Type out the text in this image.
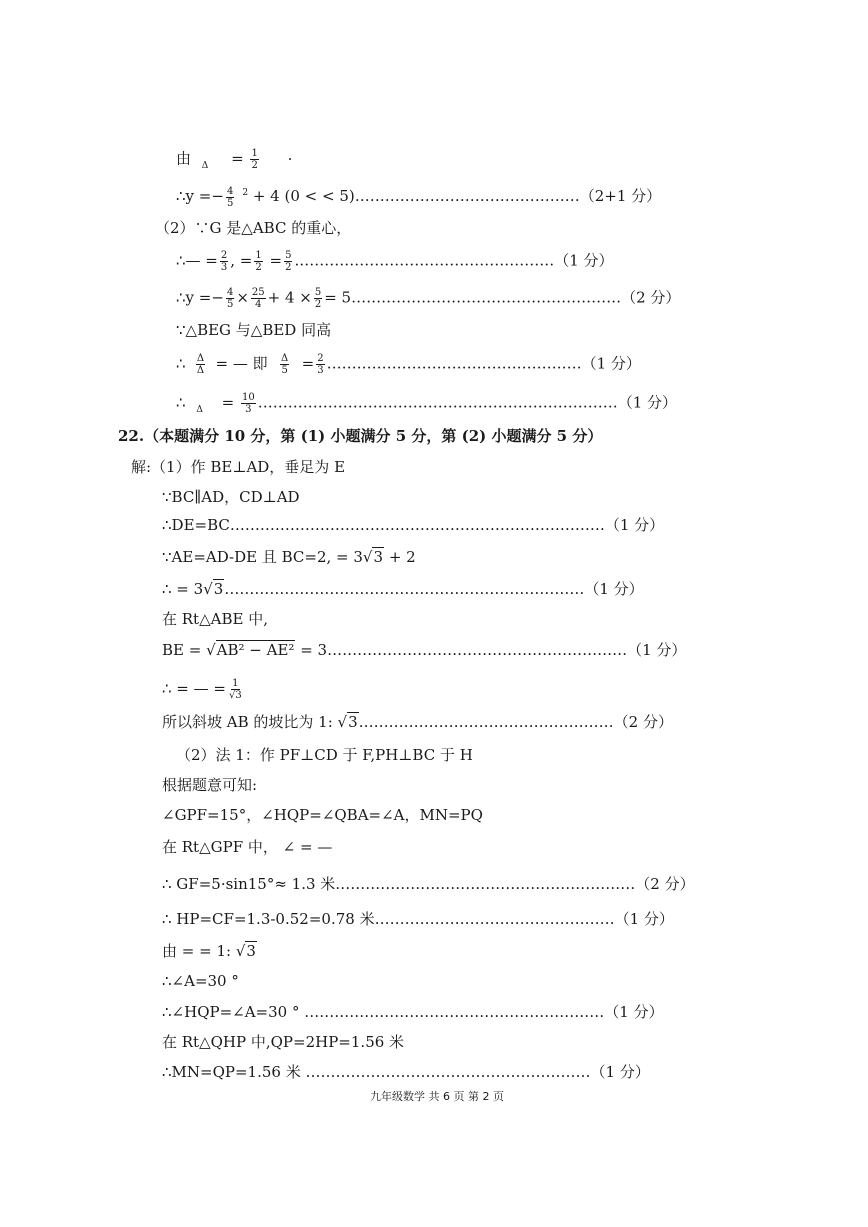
由 $_\Delta = \frac{1}{2}$ ·
∴y =− $\frac{4}{5} ^2 + 4$ (0 < < 5)………………………………………（2+1 分）
（2）∵G 是△ABC 的重心，
∴— = $\frac{2}{3}$ , = $\frac{1}{2} = \frac{5}{2}$ .……………………………………………（1 分）
∴y =− $\frac{4}{5} \times \frac{25}{4} + 4 \times \frac{5}{2}$ = 5………………………………………………（2 分）
∵△BEG 与△BED 同高
∴ $\frac{\Delta}{\Delta}$ = — 即 $\frac{\Delta}{5} = \frac{2}{3}$ ……………………………………………（1 分）
∴ $_\Delta = \frac{10}{3}$ ………………………………………………………………（1 分）
22.（本题满分 10 分，第 (1) 小题满分 5 分，第 (2) 小题满分 5 分）
解:（1）作 BE⊥AD，垂足为 E
∵BC∥AD，CD⊥AD
∴DE=BC…………………………………………………………………（1 分）
∵AE=AD-DE 且 BC=2, = 3√3 + 2
∴ = 3√3………………………………………………………………（1 分）
在 Rt△ABE 中,
BE = √AB² − AE² = 3……………………………………………………（1 分）
∴ = — = $\frac{1}{√3}$
所以斜坡 AB 的坡比为 1: √3……………………………………………（2 分）
（2）法 1：作 PF⊥CD 于 F,PH⊥BC 于 H
根据题意可知:
∠GPF=15°，∠HQP=∠QBA=∠A，MN=PQ
在 Rt△GPF 中， ∠ = —
∴ GF=5·sin15°≈ 1.3 米……………………………………………………（2 分）
∴ HP=CF=1.3-0.52=0.78 米…………………………………………（1 分）
由 = = 1: √3
∴∠A=30 °
∴∠HQP=∠A=30 ° ……………………………………………………（1 分）
在 Rt△QHP 中,QP=2HP=1.56 米
∴MN=QP=1.56 米 …………………………………………………（1 分）
九年级数学 共 6 页 第 2 页
